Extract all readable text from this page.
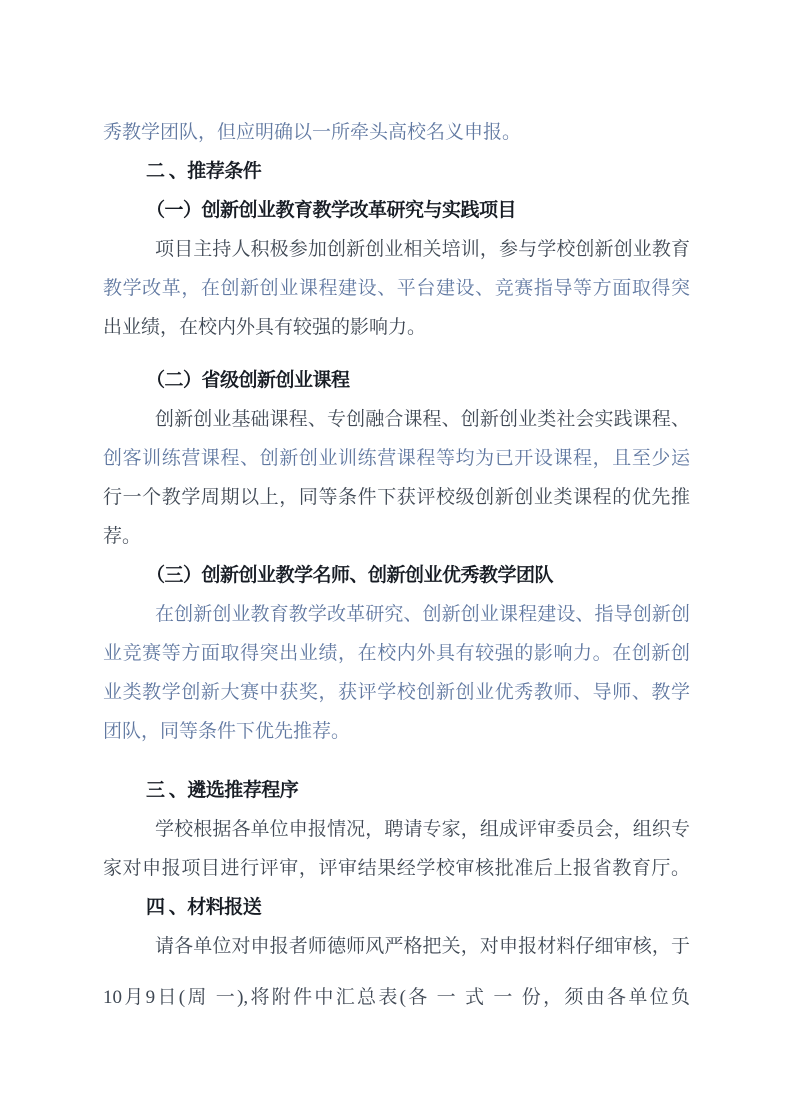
秀教学团队，但应明确以一所牵头高校名义申报。
二 、推荐条件
（一）创新创业教育教学改革研究与实践项目
项目主持人积极参加创新创业相关培训，参与学校创新创业教育
教学改革，在创新创业课程建设、平台建设、竞赛指导等方面取得突
出业绩，在校内外具有较强的影响力。
（二）省级创新创业课程
创新创业基础课程、专创融合课程、创新创业类社会实践课程、
创客训练营课程、创新创业训练营课程等均为已开设课程，且至少运
行一个教学周期以上，同等条件下获评校级创新创业类课程的优先推
荐。
（三）创新创业教学名师、创新创业优秀教学团队
在创新创业教育教学改革研究、创新创业课程建设、指导创新创
业竞赛等方面取得突出业绩，在校内外具有较强的影响力。在创新创
业类教学创新大赛中获奖，获评学校创新创业优秀教师、导师、教学
团队，同等条件下优先推荐。
三 、遴选推荐程序
学校根据各单位申报情况，聘请专家，组成评审委员会，组织专
家对申报项目进行评审，评审结果经学校审核批准后上报省教育厅。
四 、材料报送
请各单位对申报者师德师风严格把关，对申报材料仔细审核，于
10月9日(周 一),将附件中汇总表(各 一 式 一 份，须由各单位负
